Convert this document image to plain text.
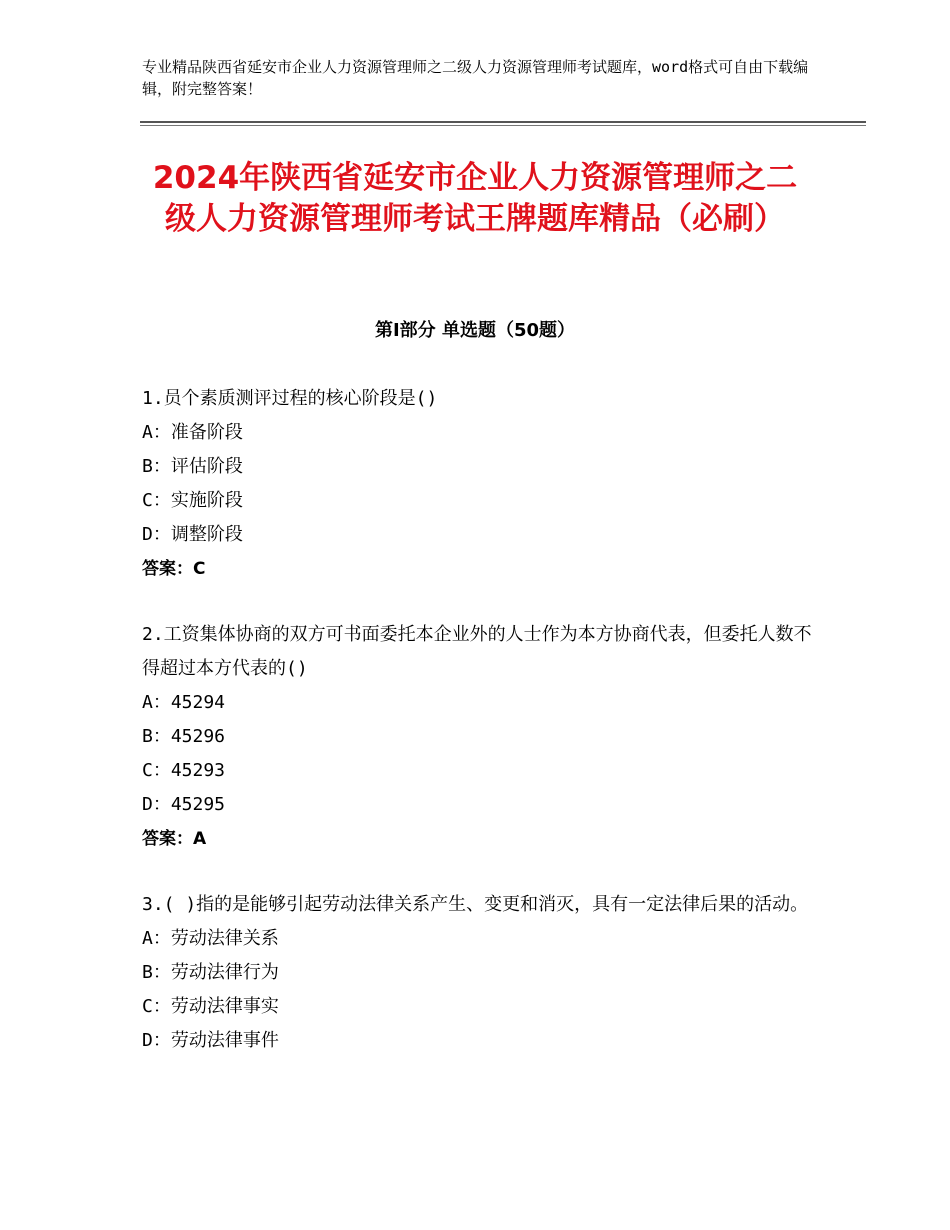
专业精品陕西省延安市企业人力资源管理师之二级人力资源管理师考试题库，word格式可自由下载编辑，附完整答案！
2024年陕西省延安市企业人力资源管理师之二级人力资源管理师考试王牌题库精品（必刷）
第Ⅰ部分 单选题（50题）
1.员个素质测评过程的核心阶段是()
A：准备阶段
B：评估阶段
C：实施阶段
D：调整阶段
答案：C
2.工资集体协商的双方可书面委托本企业外的人士作为本方协商代表，但委托人数不得超过本方代表的()
A：45294
B：45296
C：45293
D：45295
答案：A
3.( )指的是能够引起劳动法律关系产生、变更和消灭，具有一定法律后果的活动。
A：劳动法律关系
B：劳动法律行为
C：劳动法律事实
D：劳动法律事件
